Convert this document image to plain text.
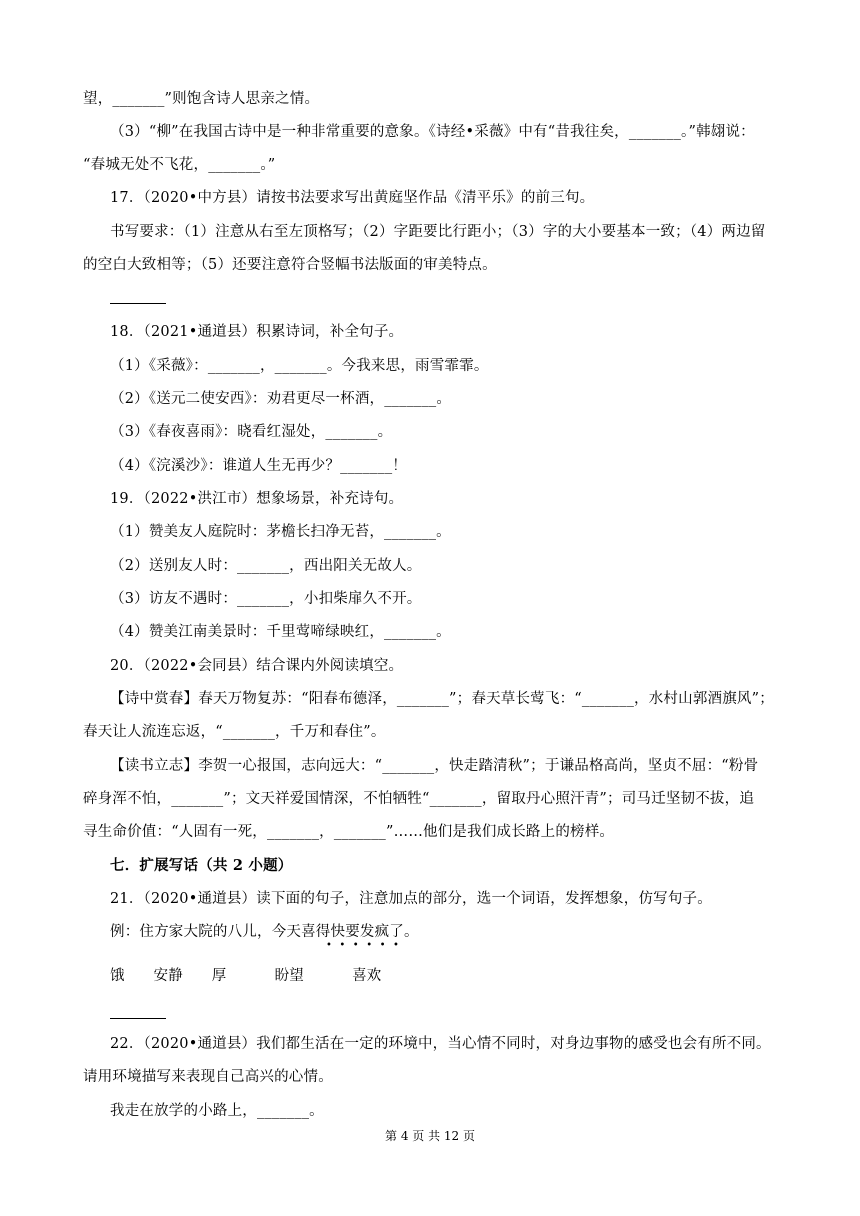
望，_______”则饱含诗人思亲之情。
（3）“柳”在我国古诗中是一种非常重要的意象。《诗经•采薇》中有“昔我往矣，_______。”韩翃说：
“春城无处不飞花，_______。”
17．（2020•中方县）请按书法要求写出黄庭坚作品《清平乐》的前三句。
书写要求：（1）注意从右至左顶格写；（2）字距要比行距小；（3）字的大小要基本一致；（4）两边留
的空白大致相等；（5）还要注意符合竖幅书法版面的审美特点。
18．（2021•通道县）积累诗词，补全句子。
（1）《采薇》：_______，_______。今我来思，雨雪霏霏。
（2）《送元二使安西》：劝君更尽一杯酒，_______。
（3）《春夜喜雨》：晓看红湿处，_______。
（4）《浣溪沙》：谁道人生无再少？_______！
19．（2022•洪江市）想象场景，补充诗句。
（1）赞美友人庭院时：茅檐长扫净无苔，_______。
（2）送别友人时：_______，西出阳关无故人。
（3）访友不遇时：_______，小扣柴扉久不开。
（4）赞美江南美景时：千里莺啼绿映红，_______。
20．（2022•会同县）结合课内外阅读填空。
【诗中赏春】春天万物复苏：“阳春布德泽，_______”；春天草长莺飞：“_______，水村山郭酒旗风”；
春天让人流连忘返，“_______，千万和春住”。
【读书立志】李贺一心报国，志向远大：“_______，快走踏清秋”；于谦品格高尚，坚贞不屈：“粉骨
碎身浑不怕，_______”；文天祥爱国情深，不怕牺牲“_______，留取丹心照汗青”；司马迁坚韧不拔，追
寻生命价值：“人固有一死，_______，_______”……他们是我们成长路上的榜样。
七．扩展写话（共 2 小题）
21．（2020•通道县）读下面的句子，注意加点的部分，选一个词语，发挥想象，仿写句子。
例：住方家大院的八儿，今天喜得快要发疯了。
••••••
饿      安静      厚          盼望          喜欢
22．（2020•通道县）我们都生活在一定的环境中，当心情不同时，对身边事物的感受也会有所不同。
请用环境描写来表现自己高兴的心情。
我走在放学的小路上，_______。
第 4 页 共 12 页
